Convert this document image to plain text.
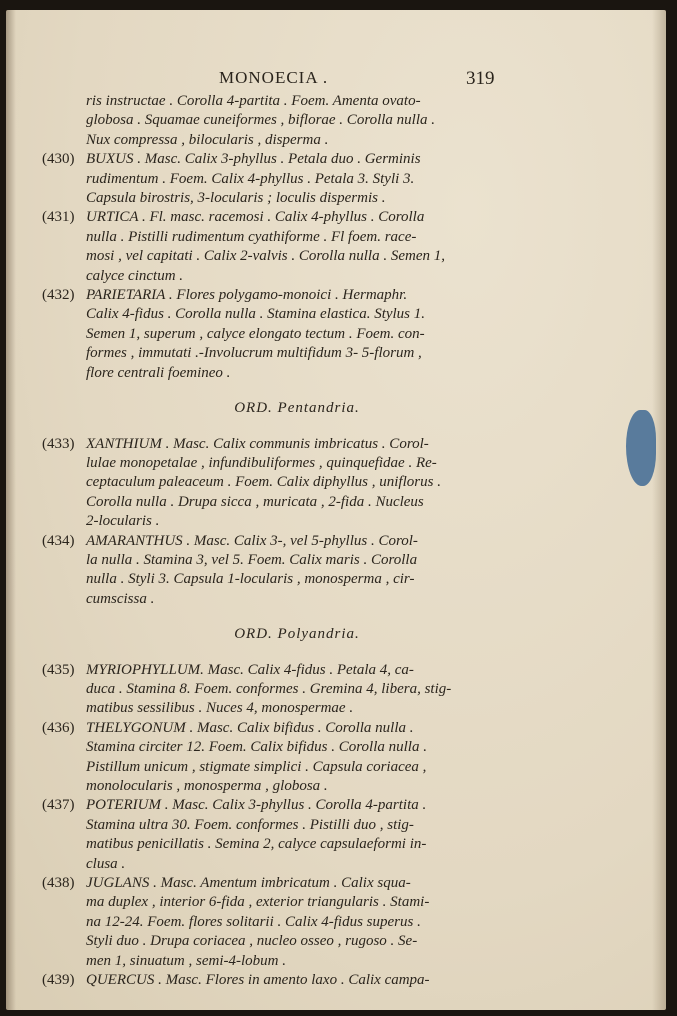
MONOECIA .	319
ris instructae . Corolla 4-partita . Foem. Amenta ovato-
globosa . Squamae cuneiformes , biflorae . Corolla nulla .
Nux compressa , bilocularis , disperma .
(430) BUXUS . Masc. Calix 3-phyllus . Petala duo . Germinis
rudimentum . Foem. Calix 4-phyllus . Petala 3. Styli 3.
Capsula birostris, 3-locularis ; loculis dispermis .
(431) URTICA . Fl. masc. racemosi . Calix 4-phyllus . Corolla
nulla . Pistilli rudimentum cyathiforme . Fl foem. race-
mosi , vel capitati . Calix 2-valvis . Corolla nulla . Semen 1,
calyce cinctum .
(432) PARIETARIA . Flores polygamo-monoici . Hermaphr.
Calix 4-fidus . Corolla nulla . Stamina elastica. Stylus 1.
Semen 1, superum , calyce elongato tectum . Foem. con-
formes , immutati .-Involucrum multifidum 3- 5-florum ,
flore centrali foemineo .
ORD. Pentandria.
(433) XANTHIUM . Masc. Calix communis imbricatus . Corol-
lulae monopetalae , infundibuliformes , quinquefidae . Re-
ceptaculum paleaceum . Foem. Calix diphyllus , uniflorus .
Corolla nulla . Drupa sicca , muricata , 2-fida . Nucleus
2-locularis .
(434) AMARANTHUS . Masc. Calix 3-, vel 5-phyllus . Corol-
la nulla . Stamina 3, vel 5. Foem. Calix maris . Corolla
nulla . Styli 3. Capsula 1-locularis , monosperma , cir-
cumscissa .
ORD. Polyandria.
(435) MYRIOPHYLLUM. Masc. Calix 4-fidus . Petala 4, ca-
duca . Stamina 8. Foem. conformes . Gremina 4, libera, stig-
matibus sessilibus . Nuces 4, monospermae .
(436) THELYGONUM . Masc. Calix bifidus . Corolla nulla .
Stamina circiter 12. Foem. Calix bifidus . Corolla nulla .
Pistillum unicum , stigmate simplici . Capsula coriacea ,
monolocularis , monosperma , globosa .
(437) POTERIUM . Masc. Calix 3-phyllus . Corolla 4-partita .
Stamina ultra 30. Foem. conformes . Pistilli duo , stig-
matibus penicillatis . Semina 2, calyce capsulaeformi in-
clusa .
(438) JUGLANS . Masc. Amentum imbricatum . Calix squa-
ma duplex , interior 6-fida , exterior triangularis . Stami-
na 12-24. Foem. flores solitarii . Calix 4-fidus superus .
Styli duo . Drupa coriacea , nucleo osseo , rugoso . Se-
men 1, sinuatum , semi-4-lobum .
(439) QUERCUS . Masc. Flores in amento laxo . Calix campa-
